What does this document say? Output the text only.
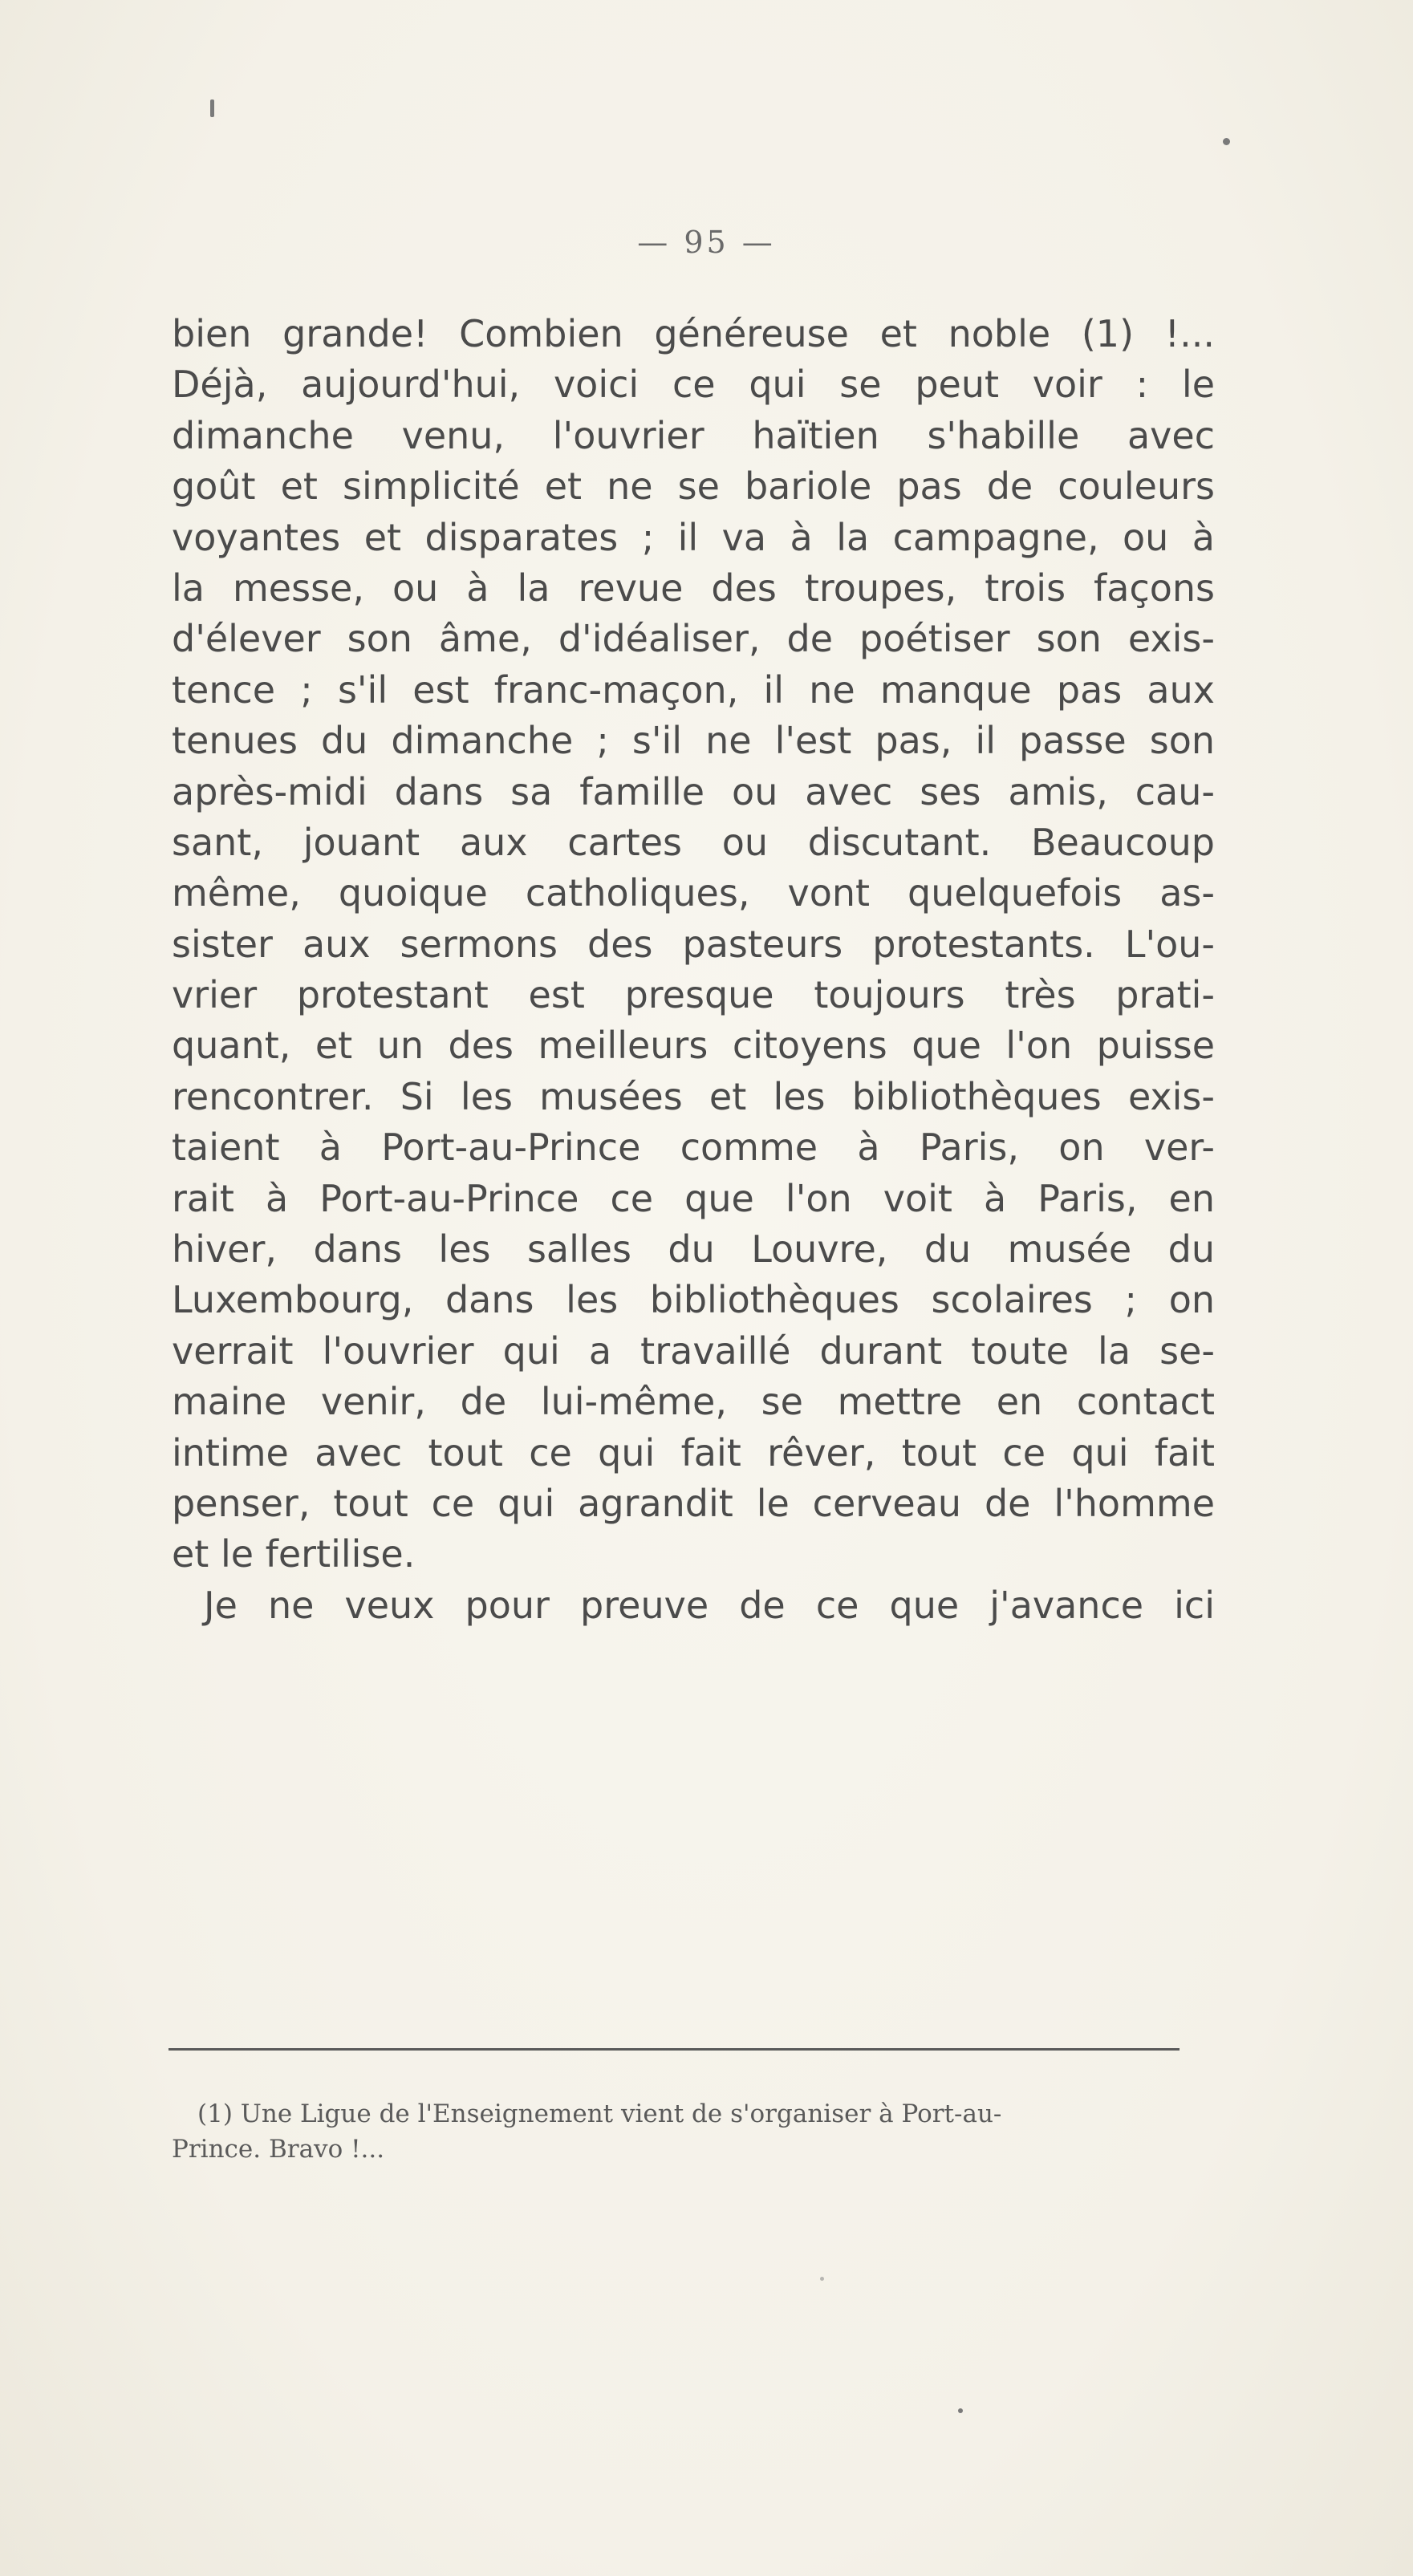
— 95 —
bien grande! Combien généreuse et noble (1) !...
Déjà, aujourd'hui, voici ce qui se peut voir : le
dimanche venu, l'ouvrier haïtien s'habille avec
goût et simplicité et ne se bariole pas de couleurs
voyantes et disparates ; il va à la campagne, ou à
la messe, ou à la revue des troupes, trois façons
d'élever son âme, d'idéaliser, de poétiser son exis-
tence ; s'il est franc-maçon, il ne manque pas aux
tenues du dimanche ; s'il ne l'est pas, il passe son
après-midi dans sa famille ou avec ses amis, cau-
sant, jouant aux cartes ou discutant. Beaucoup
même, quoique catholiques, vont quelquefois as-
sister aux sermons des pasteurs protestants. L'ou-
vrier protestant est presque toujours très prati-
quant, et un des meilleurs citoyens que l'on puisse
rencontrer. Si les musées et les bibliothèques exis-
taient à Port-au-Prince comme à Paris, on ver-
rait à Port-au-Prince ce que l'on voit à Paris, en
hiver, dans les salles du Louvre, du musée du
Luxembourg, dans les bibliothèques scolaires ; on
verrait l'ouvrier qui a travaillé durant toute la se-
maine venir, de lui-même, se mettre en contact
intime avec tout ce qui fait rêver, tout ce qui fait
penser, tout ce qui agrandit le cerveau de l'homme
et le fertilise.
Je ne veux pour preuve de ce que j'avance ici
(1) Une Ligue de l'Enseignement vient de s'organiser à Port-au-
Prince. Bravo !...
